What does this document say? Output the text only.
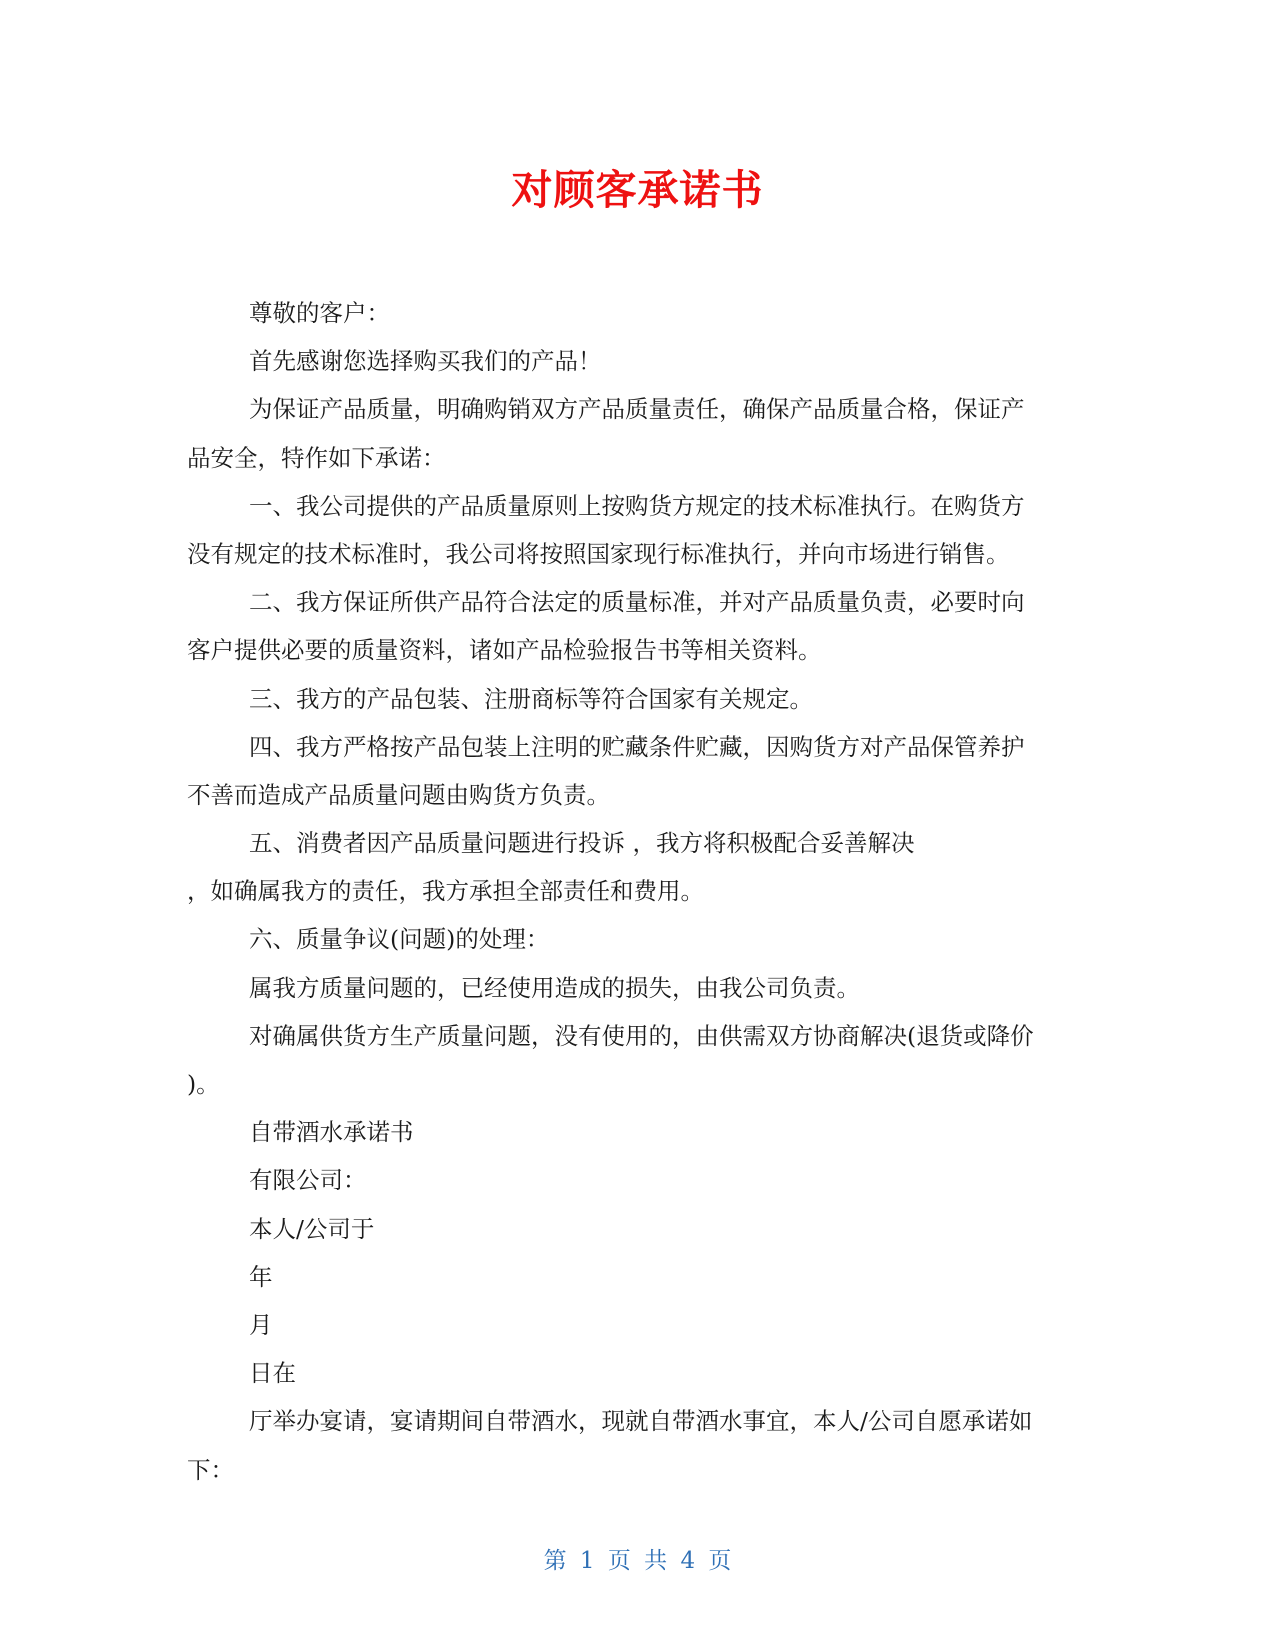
对顾客承诺书
尊敬的客户：
首先感谢您选择购买我们的产品！
为保证产品质量，明确购销双方产品质量责任，确保产品质量合格，保证产
品安全，特作如下承诺：
一、我公司提供的产品质量原则上按购货方规定的技术标准执行。在购货方
没有规定的技术标准时，我公司将按照国家现行标准执行，并向市场进行销售。
二、我方保证所供产品符合法定的质量标准，并对产品质量负责，必要时向
客户提供必要的质量资料，诸如产品检验报告书等相关资料。
三、我方的产品包装、注册商标等符合国家有关规定。
四、我方严格按产品包装上注明的贮藏条件贮藏，因购货方对产品保管养护
不善而造成产品质量问题由购货方负责。
五、消费者因产品质量问题进行投诉 ，我方将积极配合妥善解决
，如确属我方的责任，我方承担全部责任和费用。
六、质量争议(问题)的处理：
属我方质量问题的，已经使用造成的损失，由我公司负责。
对确属供货方生产质量问题，没有使用的，由供需双方协商解决(退货或降价
)。
自带酒水承诺书
有限公司：
本人/公司于
年
月
日在
厅举办宴请，宴请期间自带酒水，现就自带酒水事宜，本人/公司自愿承诺如
下：
第 1 页 共 4 页
